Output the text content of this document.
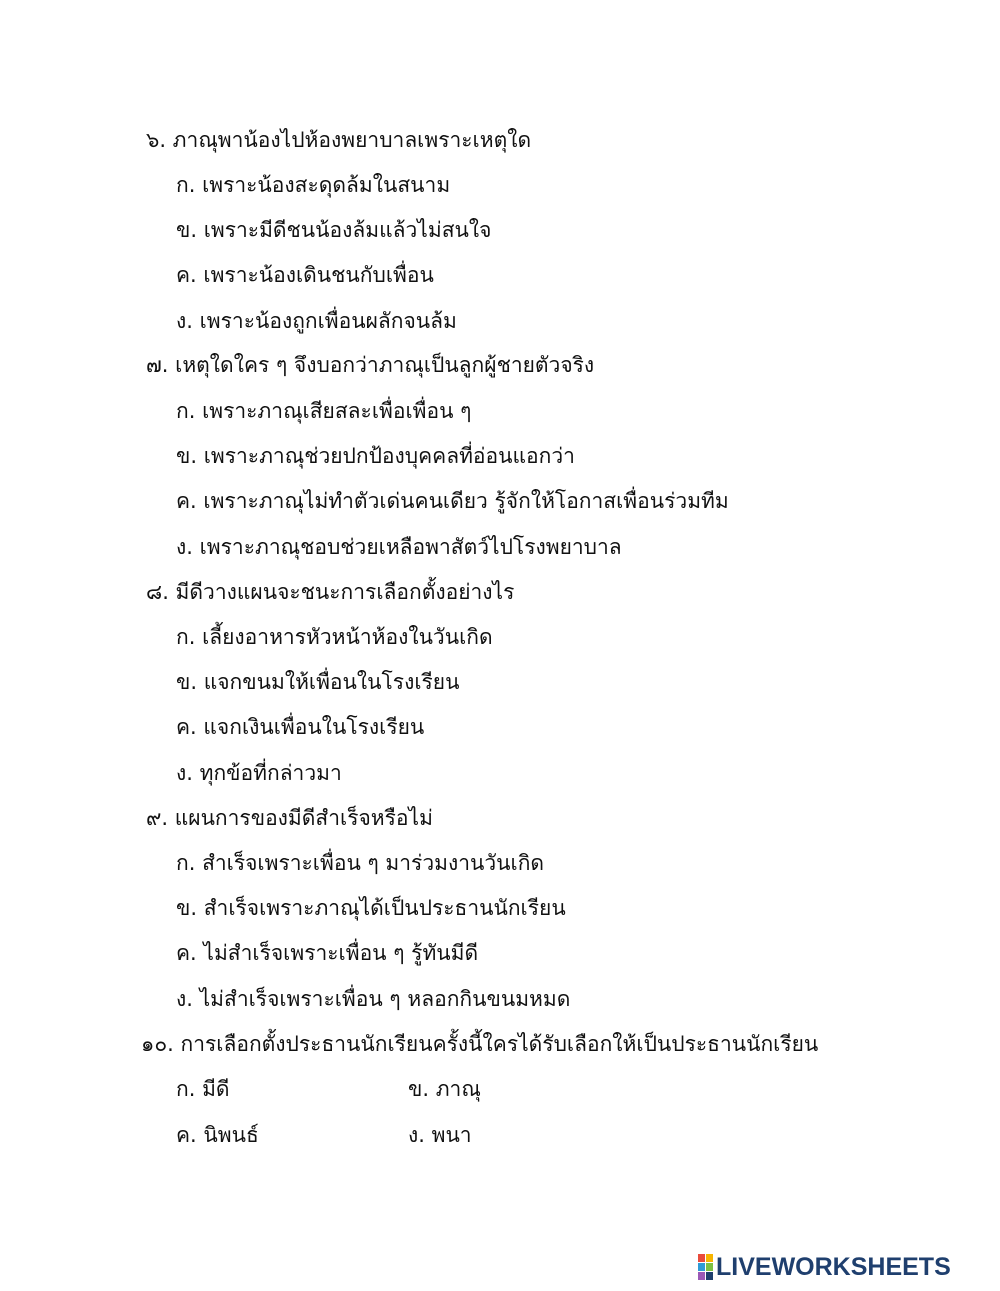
๖. ภาณุพาน้องไปห้องพยาบาลเพราะเหตุใด
ก. เพราะน้องสะดุดล้มในสนาม
ข. เพราะมีดีชนน้องล้มแล้วไม่สนใจ
ค. เพราะน้องเดินชนกับเพื่อน
ง. เพราะน้องถูกเพื่อนผลักจนล้ม
๗. เหตุใดใคร ๆ จึงบอกว่าภาณุเป็นลูกผู้ชายตัวจริง
ก. เพราะภาณุเสียสละเพื่อเพื่อน ๆ
ข. เพราะภาณุช่วยปกป้องบุคคลที่อ่อนแอกว่า
ค. เพราะภาณุไม่ทำตัวเด่นคนเดียว รู้จักให้โอกาสเพื่อนร่วมทีม
ง. เพราะภาณุชอบช่วยเหลือพาสัตว์ไปโรงพยาบาล
๘. มีดีวางแผนจะชนะการเลือกตั้งอย่างไร
ก. เลี้ยงอาหารหัวหน้าห้องในวันเกิด
ข. แจกขนมให้เพื่อนในโรงเรียน
ค. แจกเงินเพื่อนในโรงเรียน
ง. ทุกข้อที่กล่าวมา
๙. แผนการของมีดีสำเร็จหรือไม่
ก. สำเร็จเพราะเพื่อน ๆ มาร่วมงานวันเกิด
ข. สำเร็จเพราะภาณุได้เป็นประธานนักเรียน
ค. ไม่สำเร็จเพราะเพื่อน ๆ รู้ทันมีดี
ง. ไม่สำเร็จเพราะเพื่อน ๆ หลอกกินขนมหมด
๑๐. การเลือกตั้งประธานนักเรียนครั้งนี้ใครได้รับเลือกให้เป็นประธานนักเรียน
ก. มีดี	ข. ภาณุ
ค. นิพนธ์	ง. พนา
LIVEWORKSHEETS
